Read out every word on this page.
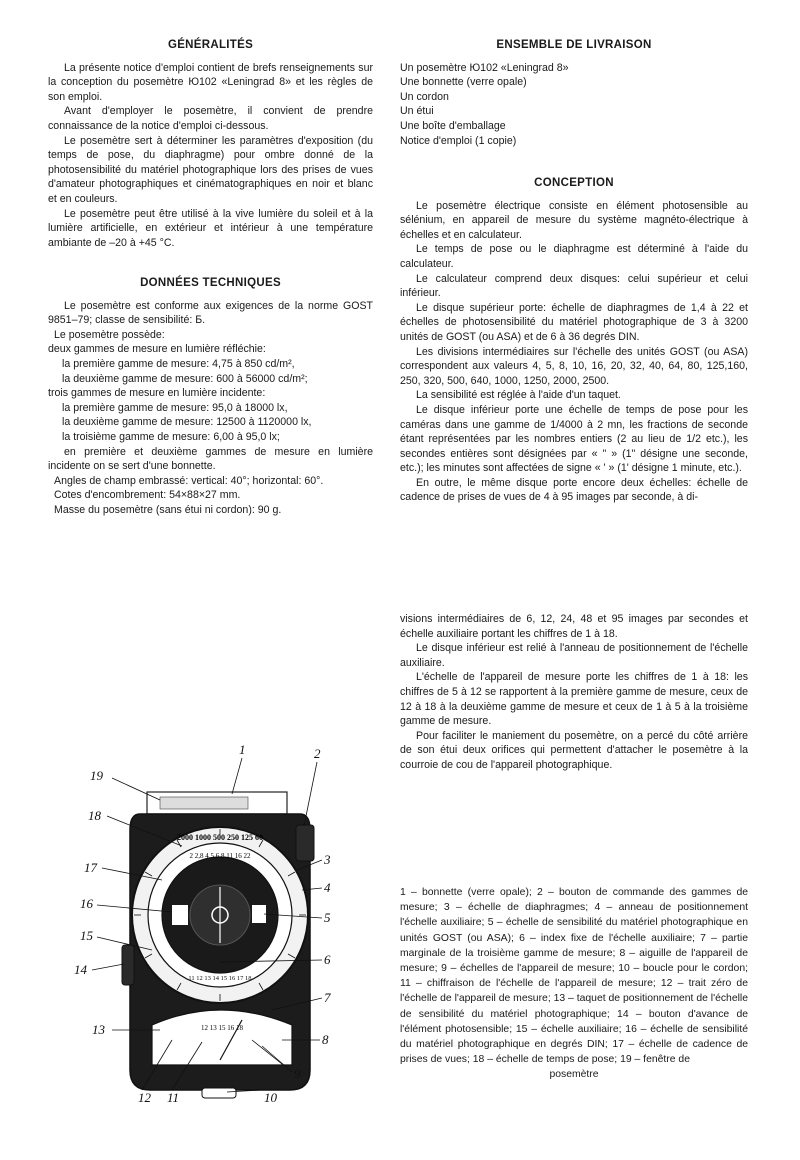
GÉNÉRALITÉS

La présente notice d'emploi contient de brefs renseignements sur la conception du posemètre Ю102 «Leningrad 8» et les règles de son emploi.

Avant d'employer le posemètre, il convient de prendre connaissance de la notice d'emploi ci-dessous.

Le posemètre sert à déterminer les paramètres d'exposition (du temps de pose, du diaphragme) pour ombre donné de la photosensibilité du matériel photographique lors des prises de vues d'amateur photographiques et cinématographiques en noir et blanc et en couleurs.

Le posemètre peut être utilisé à la vive lumière du soleil et à la lumière artificielle, en extérieur et intérieur à une température ambiante de –20 à +45 °C.

DONNÉES TECHNIQUES

Le posemètre est conforme aux exigences de la norme GOST 9851–79; classe de sensibilité: Б.

Le posemètre possède:

deux gammes de mesure en lumière réfléchie:

la première gamme de mesure: 4,75 à 850 cd/m²,

la deuxième gamme de mesure: 600 à 56000 cd/m²;

trois gammes de mesure en lumière incidente:

la première gamme de mesure: 95,0 à 18000 lx,

la deuxième gamme de mesure: 12500 à 1120000 lx,

la troisième gamme de mesure: 6,00 à 95,0 lx;

en première et deuxième gammes de mesure en lumière incidente on se sert d'une bonnette.

Angles de champ embrassé: vertical: 40°; horizontal: 60°.

Cotes d'encombrement: 54×88×27 mm.

Masse du posemètre (sans étui ni cordon): 90 g.

ENSEMBLE DE LIVRAISON

Un posemètre Ю102 «Leningrad 8»

Une bonnette (verre opale)

Un cordon

Un étui

Une boîte d'emballage

Notice d'emploi (1 copie)

CONCEPTION

Le posemètre électrique consiste en élément photosensible au sélénium, en appareil de mesure du système magnéto-électrique à échelles et en calculateur.

Le temps de pose ou le diaphragme est déterminé à l'aide du calculateur.

Le calculateur comprend deux disques: celui supérieur et celui inférieur.

Le disque supérieur porte: échelle de diaphragmes de 1,4 à 22 et échelles de photosensibilité du matériel photographique de 3 à 3200 unités de GOST (ou ASA) et de 6 à 36 degrés DIN.

Les divisions intermédiaires sur l'échelle des unités GOST (ou ASA) correspondent aux valeurs 4, 5, 8, 10, 16, 20, 32, 40, 64, 80, 125,160, 250, 320, 500, 640, 1000, 1250, 2000, 2500.

La sensibilité est réglée à l'aide d'un taquet.

Le disque inférieur porte une échelle de temps de pose pour les caméras dans une gamme de 1/4000 à 2 mn, les fractions de seconde étant représentées par les nombres entiers (2 au lieu de 1/2 etc.), les secondes entières sont désignées par « " » (1" désigne une seconde, etc.); les minutes sont affectées de signe « ' » (1' désigne 1 minute, etc.).

En outre, le même disque porte encore deux échelles: échelle de cadence de prises de vues de 4 à 95 images par seconde, à di-

visions intermédiaires de 6, 12, 24, 48 et 95 images par secondes et échelle auxiliaire portant les chiffres de 1 à 18.

Le disque inférieur est relié à l'anneau de positionnement de l'échelle auxiliaire.

L'échelle de l'appareil de mesure porte les chiffres de 1 à 18: les chiffres de 5 à 12 se rapportent à la première gamme de mesure, ceux de 12 à 18 à la deuxième gamme de mesure et ceux de 1 à 5 à la troisième gamme de mesure.

Pour faciliter le maniement du posemètre, on a percé du côté arrière de son étui deux orifices qui permettent d'attacher le posemètre à la courroie de cou de l'appareil photographique.

1 – bonnette (verre opale); 2 – bouton de commande des gammes de mesure; 3 – échelle de diaphragmes; 4 – anneau de positionnement l'échelle auxiliaire; 5 – échelle de sensibilité du matériel photographique en unités GOST (ou ASA); 6 – index fixe de l'échelle auxiliaire; 7 – partie marginale de la troisième gamme de mesure; 8 – aiguille de l'appareil de mesure; 9 – échelles de l'appareil de mesure; 10 – boucle pour le cordon; 11 – chiffraison de l'échelle de l'appareil de mesure; 12 – trait zéro de l'échelle de l'appareil de mesure; 13 – taquet de positionnement de l'échelle de sensibilité du matériel photographique; 14 – bouton d'avance de l'élément photosensible; 15 – échelle auxiliaire; 16 – échelle de sensibilité du matériel photographique en degrés DIN; 17 – échelle de cadence de prises de vues; 18 – échelle de temps de pose; 19 – fenêtre de
posemètre
2000 1000 500 250 125 60
2 2,8 4 5,6 8 11 16 22
11 12 13 14 15 16 17 18
12 13 15 16 18
1	2
3
4
5
6
7
8
9
10
11
12
13
14
15
16
17
18
19
